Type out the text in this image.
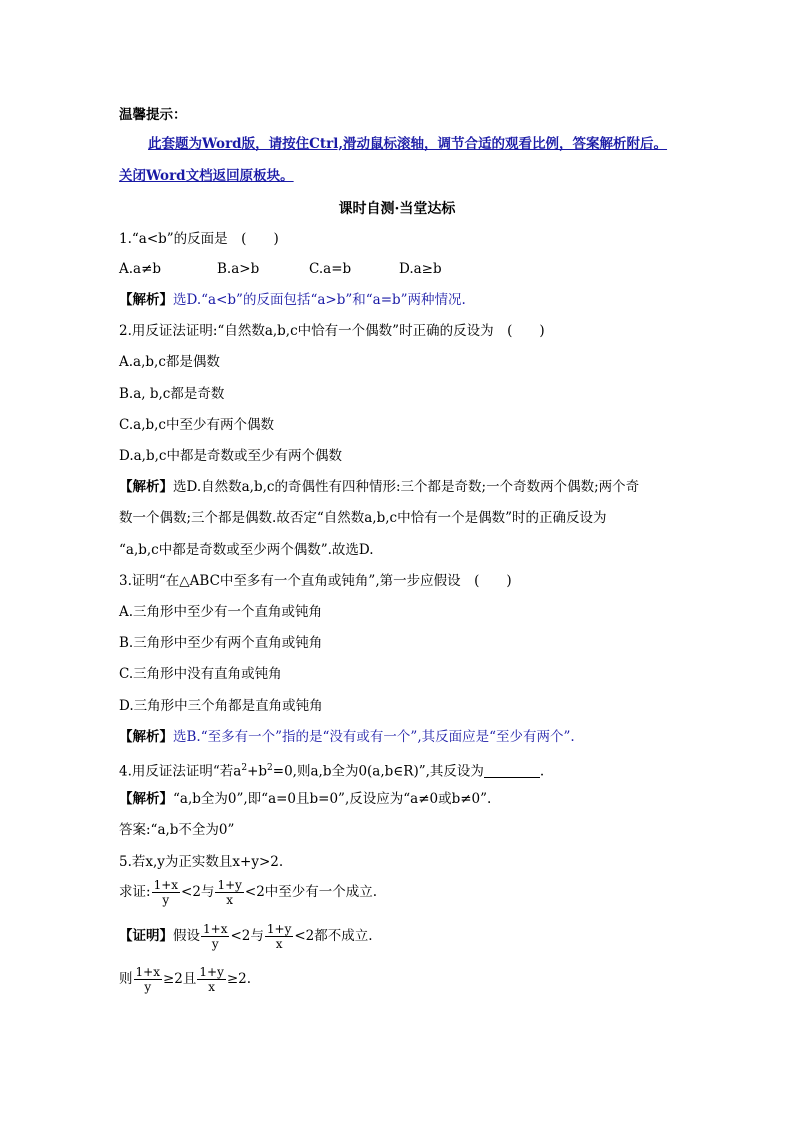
温馨提示：
此套题为Word版，请按住Ctrl,滑动鼠标滚轴，调节合适的观看比例，答案解析附后。
关闭Word文档返回原板块。
课时自测·当堂达标
1.“a<b”的反面是　(　　)
A.a≠b	B.a>b	C.a=b	D.a≥b
【解析】选D.“a<b”的反面包括“a>b”和“a=b”两种情况.
2.用反证法证明:“自然数a,b,c中恰有一个偶数”时正确的反设为　(　　)
A.a,b,c都是偶数
B.a, b,c都是奇数
C.a,b,c中至少有两个偶数
D.a,b,c中都是奇数或至少有两个偶数
【解析】选D.自然数a,b,c的奇偶性有四种情形:三个都是奇数;一个奇数两个偶数;两个奇
数一个偶数;三个都是偶数.故否定“自然数a,b,c中恰有一个是偶数”时的正确反设为
“a,b,c中都是奇数或至少两个偶数”.故选D.
3.证明“在△ABC中至多有一个直角或钝角”,第一步应假设　(　　)
A.三角形中至少有一个直角或钝角
B.三角形中至少有两个直角或钝角
C.三角形中没有直角或钝角
D.三角形中三个角都是直角或钝角
【解析】选B.“至多有一个”指的是“没有或有一个”,其反面应是“至少有两个”.
4.用反证法证明“若$a^2+b^2=0$,则a,b全为0(a,b∈R)”,其反设为	.
【解析】“a,b全为0”,即“a=0且b=0”,反设应为“a≠0或b≠0”.
答案:“a,b不全为0”
5.若x,y为正实数且x+y>2.
求证: $\frac{1+x}{y} <2$与 $\frac{1+y}{x} <2$中至少有一个成立.
【证明】假设 $\frac{1+x}{y} <2$与 $\frac{1+y}{x} <2$都不成立.
则 $\frac{1+x}{y} \ge 2$且 $\frac{1+y}{x} \ge 2$.
